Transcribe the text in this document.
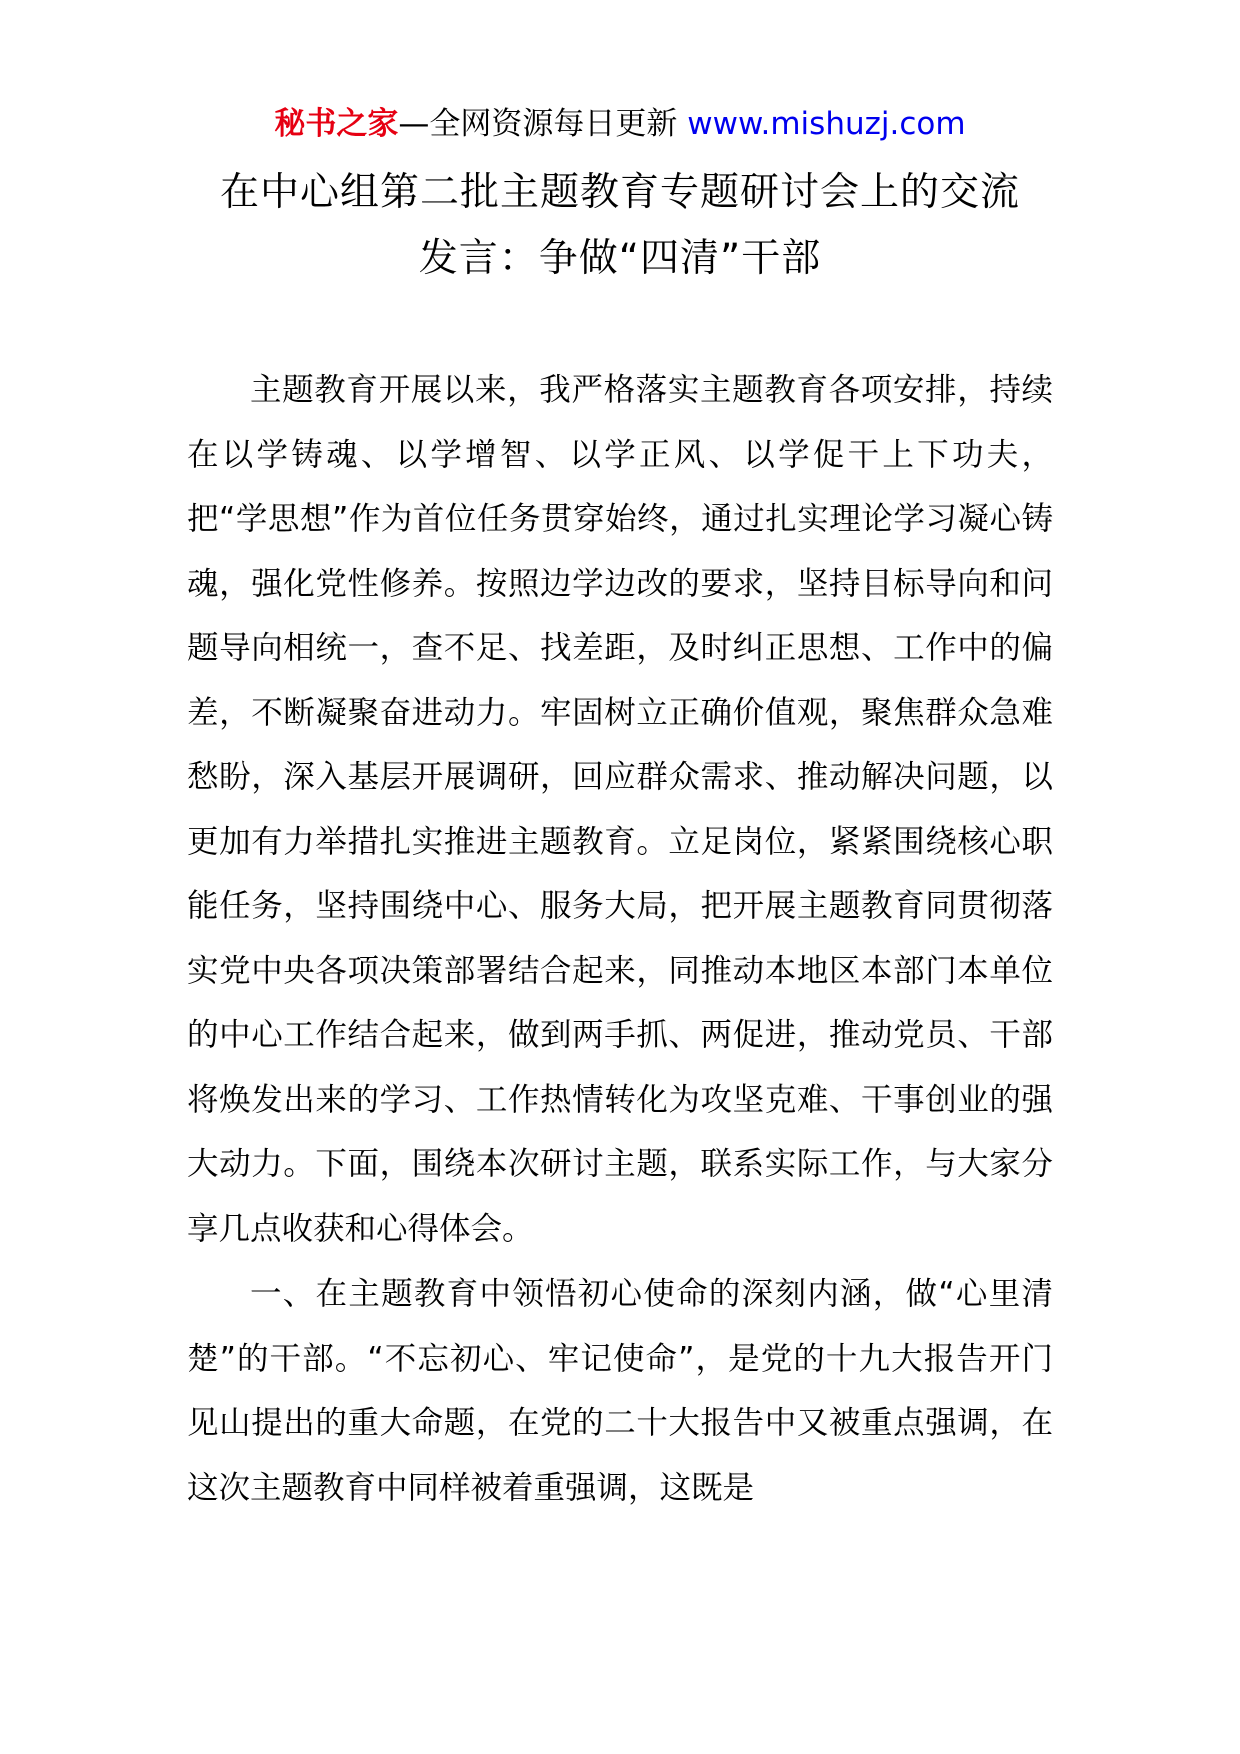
秘书之家—全网资源每日更新 www.mishuzj.com
在中心组第二批主题教育专题研讨会上的交流
发言：争做“四清”干部

主题教育开展以来，我严格落实主题教育各项安排，持续在以学铸魂、以学增智、以学正风、以学促干上下功夫，把“学思想”作为首位任务贯穿始终，通过扎实理论学习凝心铸魂，强化党性修养。按照边学边改的要求，坚持目标导向和问题导向相统一，查不足、找差距，及时纠正思想、工作中的偏差，不断凝聚奋进动力。牢固树立正确价值观，聚焦群众急难愁盼，深入基层开展调研，回应群众需求、推动解决问题，以更加有力举措扎实推进主题教育。立足岗位，紧紧围绕核心职能任务，坚持围绕中心、服务大局，把开展主题教育同贯彻落实党中央各项决策部署结合起来，同推动本地区本部门本单位的中心工作结合起来，做到两手抓、两促进，推动党员、干部将焕发出来的学习、工作热情转化为攻坚克难、干事创业的强大动力。下面，围绕本次研讨主题，联系实际工作，与大家分享几点收获和心得体会。

一、在主题教育中领悟初心使命的深刻内涵，做“心里清楚”的干部。“不忘初心、牢记使命”，是党的十九大报告开门见山提出的重大命题，在党的二十大报告中又被重点强调，在这次主题教育中同样被着重强调，这既是
